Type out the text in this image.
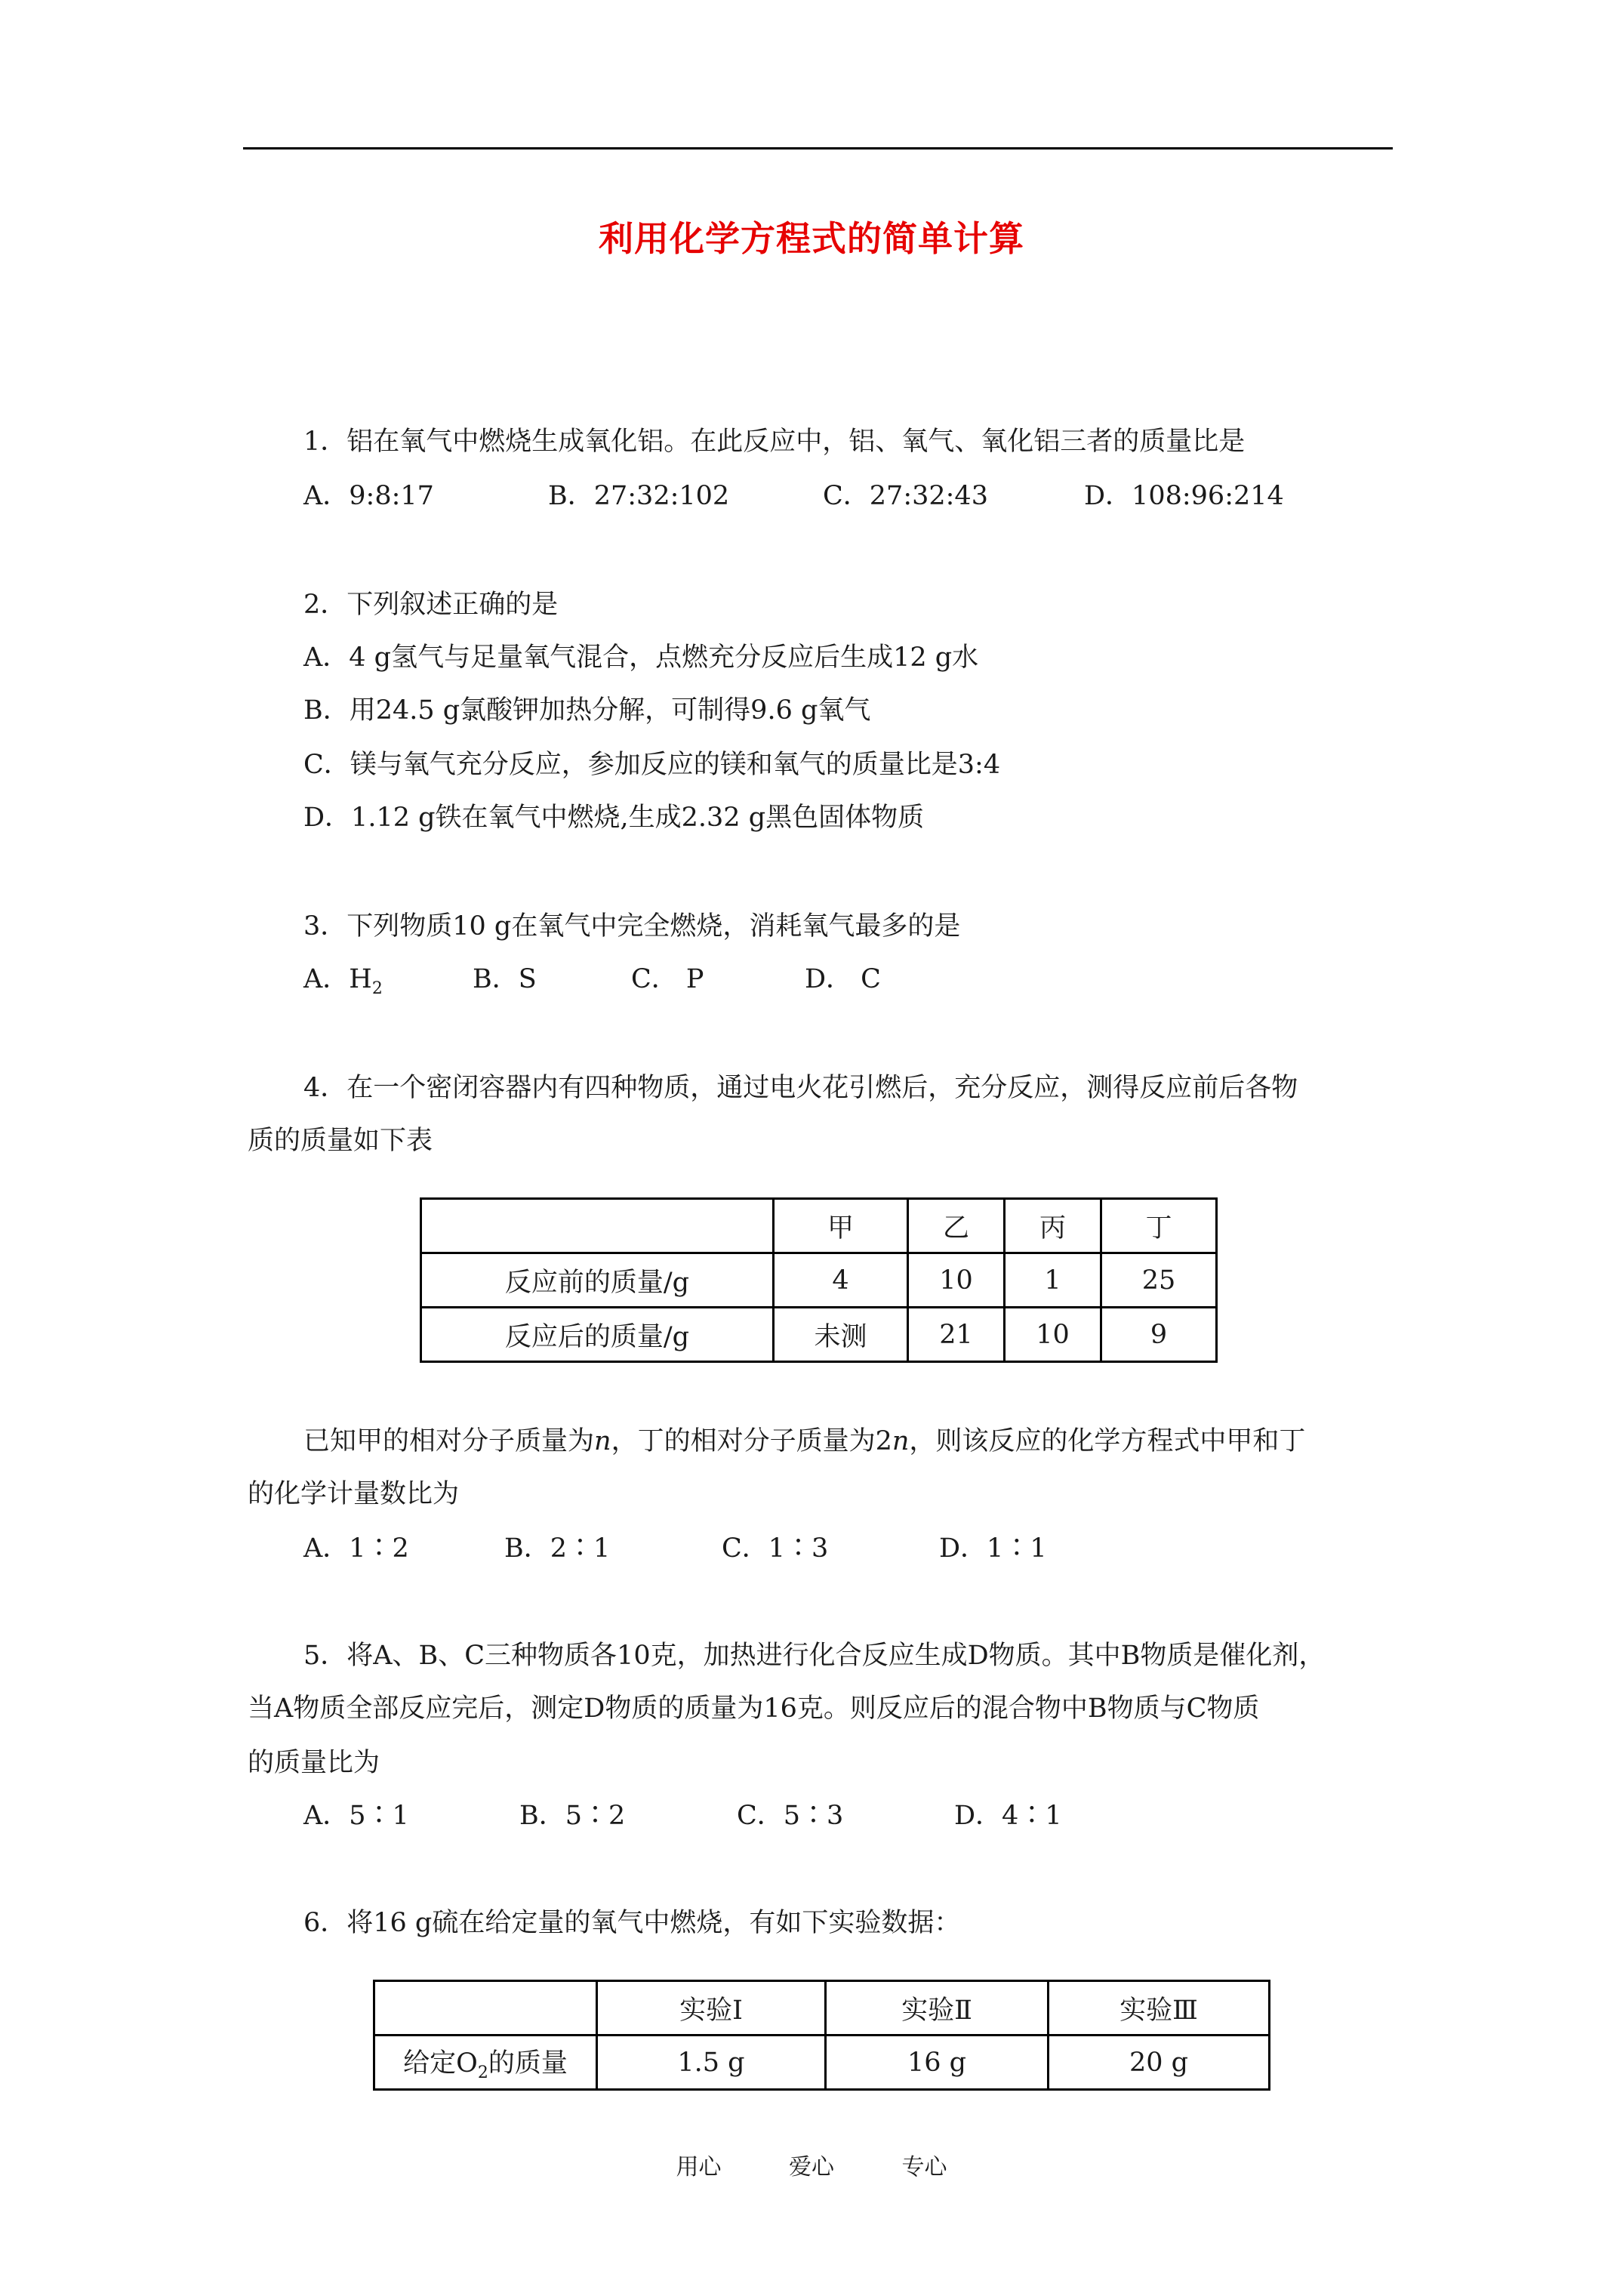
利用化学方程式的简单计算
1．铝在氧气中燃烧生成氧化铝。在此反应中，铝、氧气、氧化铝三者的质量比是
A．9:8:17	B．27:32:102	C．27:32:43	D．108:96:214
2．下列叙述正确的是
A．4 g氢气与足量氧气混合，点燃充分反应后生成12 g水
B．用24.5 g氯酸钾加热分解，可制得9.6 g氧气
C．镁与氧气充分反应，参加反应的镁和氧气的质量比是3:4
D．1.12 g铁在氧气中燃烧,生成2.32 g黑色固体物质
3．下列物质10 g在氧气中完全燃烧，消耗氧气最多的是
A．$H_2$	B．S	C． P	D． C
4．在一个密闭容器内有四种物质，通过电火花引燃后，充分反应，测得反应前后各物
质的质量如下表
	甲	乙	丙	丁
反应前的质量/g	4	10	1	25
反应后的质量/g	未测	21	10	9
已知甲的相对分子质量为n，丁的相对分子质量为2n，则该反应的化学方程式中甲和丁
的化学计量数比为
A．1∶2	B．2∶1	C．1∶3	D．1∶1
5．将A、B、C三种物质各10克，加热进行化合反应生成D物质。其中B物质是催化剂，
当A物质全部反应完后，测定D物质的质量为16克。则反应后的混合物中B物质与C物质
的质量比为
A．5∶1	B．5∶2	C．5∶3	D．4∶1
6．将16 g硫在给定量的氧气中燃烧，有如下实验数据：
	实验Ⅰ	实验Ⅱ	实验Ⅲ
给定$O_2$的质量	1.5 g	16 g	20 g
用心	爱心	专心
